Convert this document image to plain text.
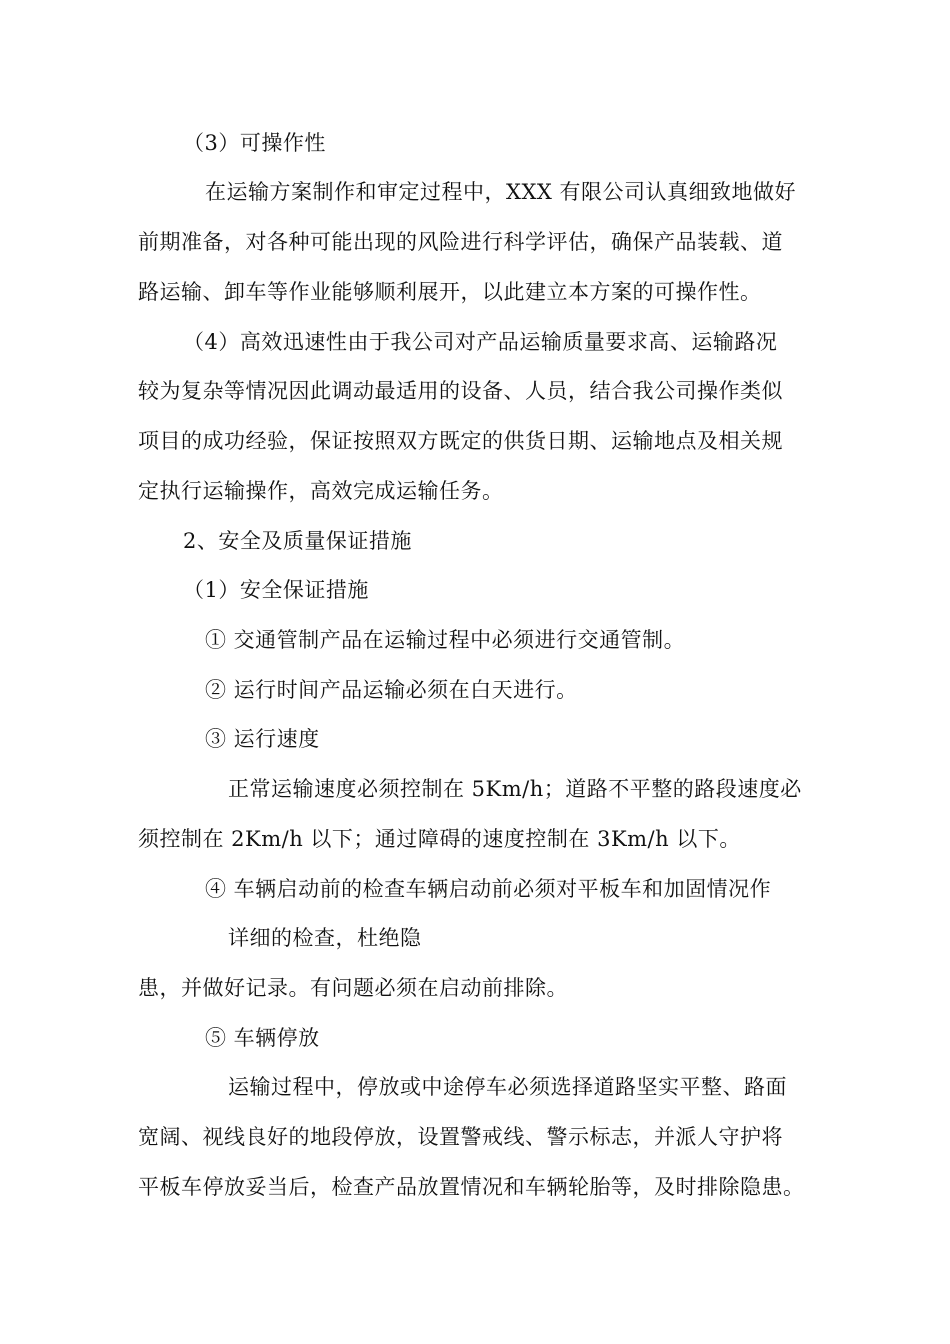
（3）可操作性
在运输方案制作和审定过程中，XXX 有限公司认真细致地做好
前期准备，对各种可能出现的风险进行科学评估，确保产品装载、道
路运输、卸车等作业能够顺利展开，以此建立本方案的可操作性。
（4）高效迅速性由于我公司对产品运输质量要求高、运输路况
较为复杂等情况因此调动最适用的设备、人员，结合我公司操作类似
项目的成功经验，保证按照双方既定的供货日期、运输地点及相关规
定执行运输操作，高效完成运输任务。
2、安全及质量保证措施
（1）安全保证措施
① 交通管制产品在运输过程中必须进行交通管制。
② 运行时间产品运输必须在白天进行。
③ 运行速度
正常运输速度必须控制在 5Km/h；道路不平整的路段速度必
须控制在 2Km/h 以下；通过障碍的速度控制在 3Km/h 以下。
④ 车辆启动前的检查车辆启动前必须对平板车和加固情况作
详细的检查，杜绝隐
患，并做好记录。有问题必须在启动前排除。
⑤ 车辆停放
运输过程中，停放或中途停车必须选择道路坚实平整、路面
宽阔、视线良好的地段停放，设置警戒线、警示标志，并派人守护将
平板车停放妥当后，检查产品放置情况和车辆轮胎等，及时排除隐患。
